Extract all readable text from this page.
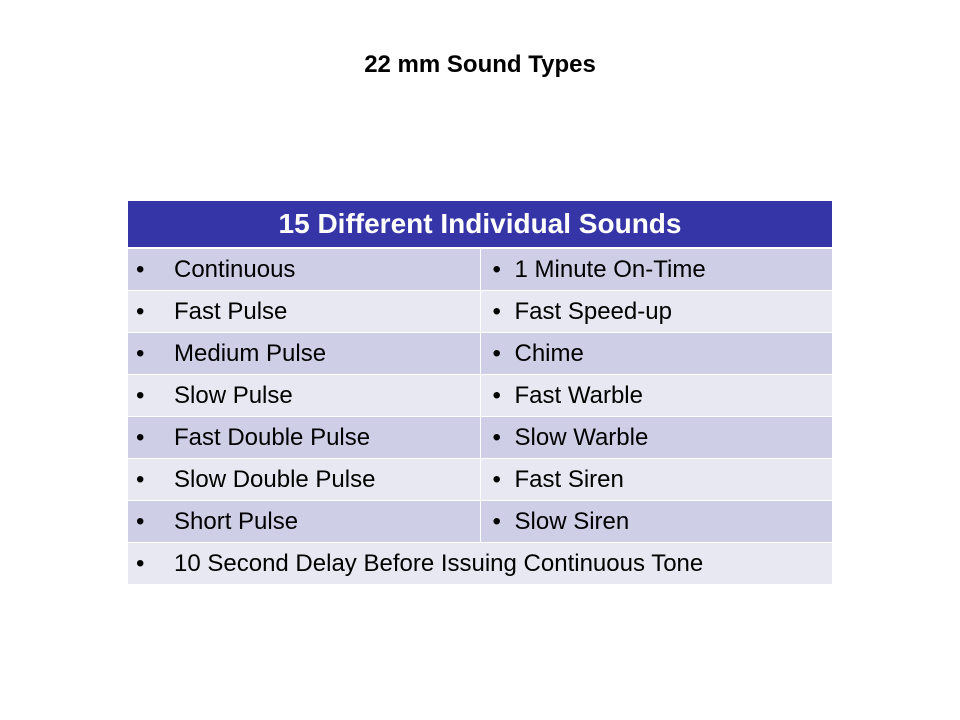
22 mm Sound Types
15 Different Individual Sounds	

• Continuous	• 1 Minute On-Time

• Fast Pulse	• Fast Speed-up

• Medium Pulse	• Chime

• Slow Pulse	• Fast Warble

• Fast Double Pulse	• Slow Warble

• Slow Double Pulse	• Fast Siren

• Short Pulse	• Slow Siren

• 10 Second Delay Before Issuing Continuous Tone	
